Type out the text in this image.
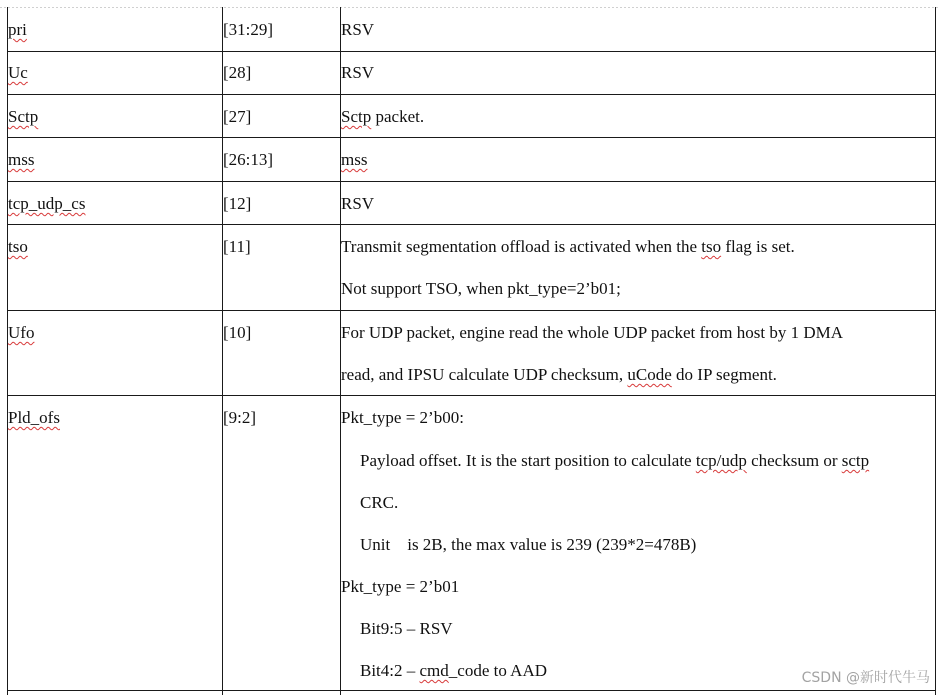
pri	[31:29]	RSV
Uc	[28]	RSV
Sctp	[27]	Sctp packet.
mss	[26:13]	mss
tcp_udp_cs	[12]	RSV
tso	[11]	Transmit segmentation offload is activated when the tso flag is set.
Not support TSO, when pkt_type=2’b01;
Ufo	[10]	For UDP packet, engine read the whole UDP packet from host by 1 DMA
read, and IPSU calculate UDP checksum, uCode do IP segment.
Pld_ofs	[9:2]	Pkt_type = 2’b00:
Payload offset. It is the start position to calculate tcp/udp checksum or sctp
CRC.
Unit    is 2B, the max value is 239 (239*2=478B)
Pkt_type = 2’b01
Bit9:5 – RSV
Bit4:2 – cmd_code to AAD	CSDN @新时代牛马
